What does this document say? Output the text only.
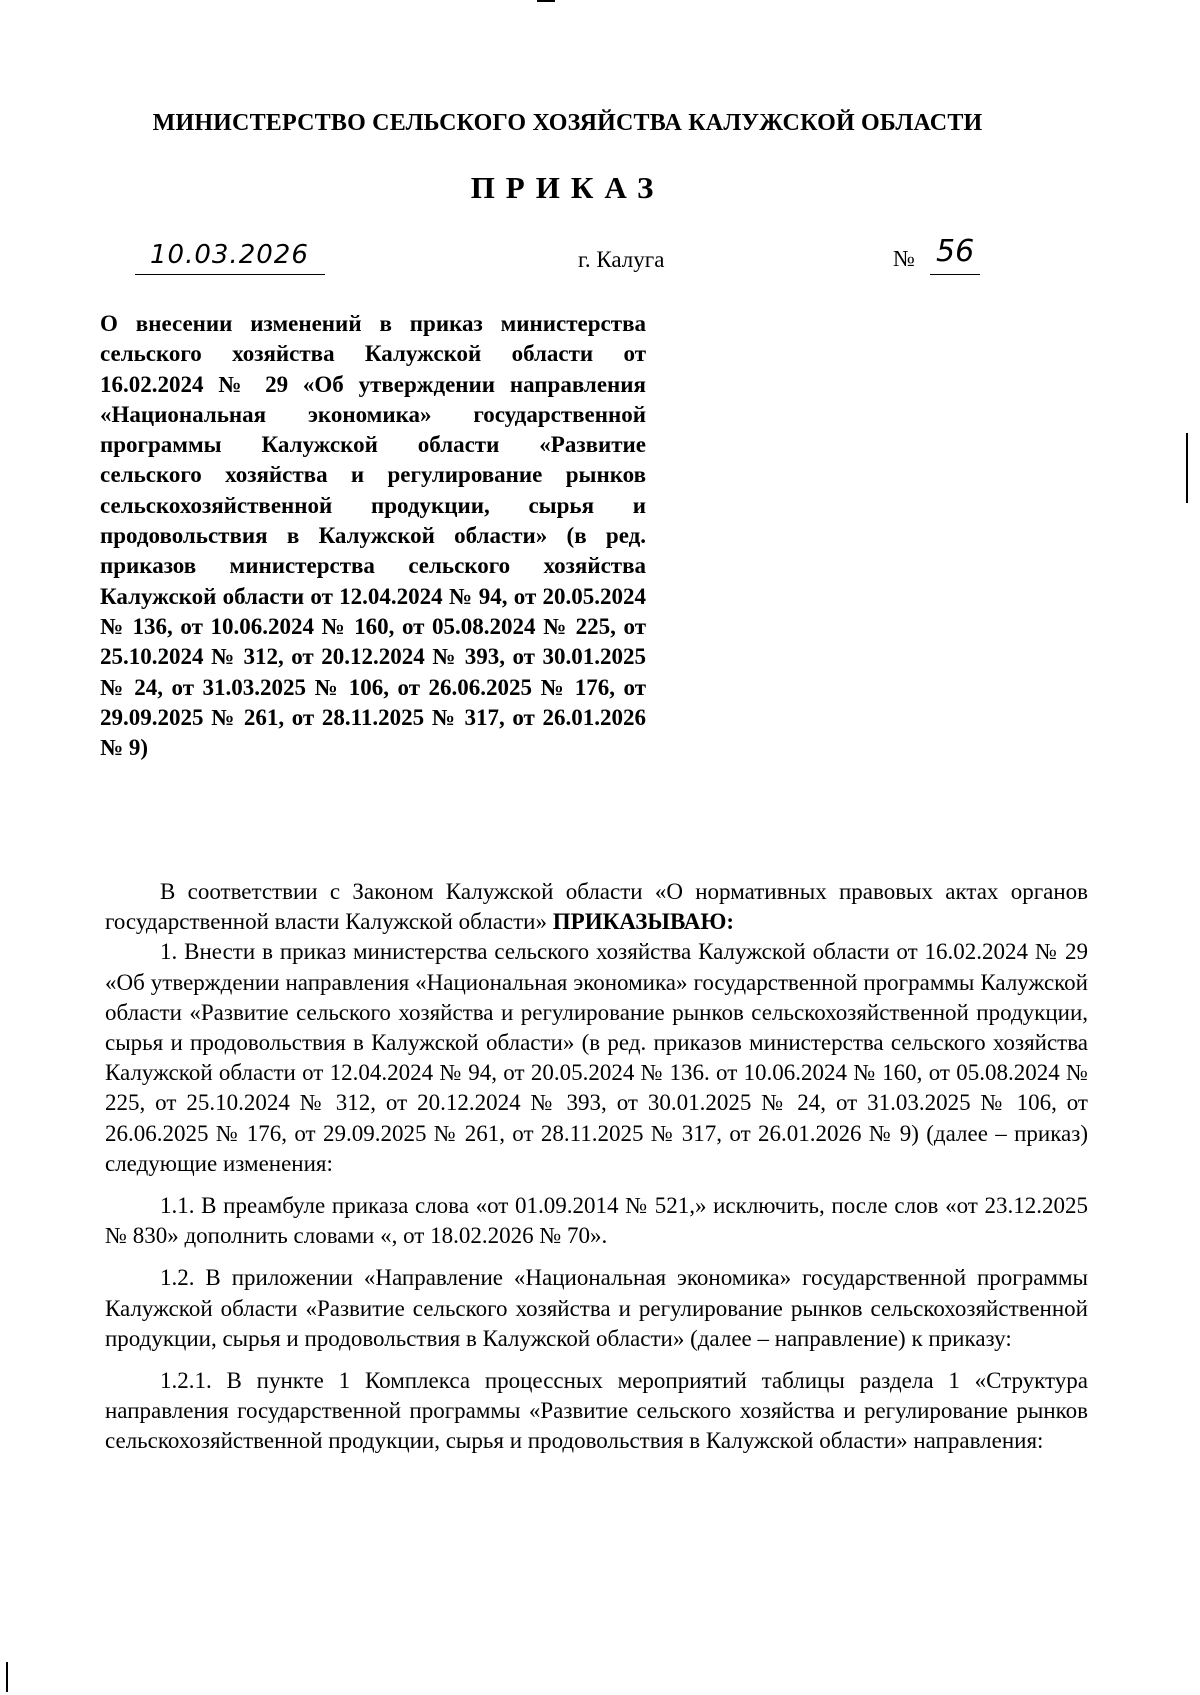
МИНИСТЕРСТВО СЕЛЬСКОГО ХОЗЯЙСТВА КАЛУЖСКОЙ ОБЛАСТИ
ПРИКАЗ
10.03.2026	г. Калуга	№ 56
О внесении изменений в приказ министерства сельского хозяйства Калужской области от 16.02.2024 № 29 «Об утверждении направления «Национальная экономика» государственной программы Калужской области «Развитие сельского хозяйства и регулирование рынков сельскохозяйственной продукции, сырья и продовольствия в Калужской области» (в ред. приказов министерства сельского хозяйства Калужской области от 12.04.2024 № 94, от 20.05.2024 № 136, от 10.06.2024 № 160, от 05.08.2024 № 225, от 25.10.2024 № 312, от 20.12.2024 № 393, от 30.01.2025 № 24, от 31.03.2025 № 106, от 26.06.2025 № 176, от 29.09.2025 № 261, от 28.11.2025 № 317, от 26.01.2026 № 9)

В соответствии с Законом Калужской области «О нормативных правовых актах органов государственной власти Калужской области» ПРИКАЗЫВАЮ:

1. Внести в приказ министерства сельского хозяйства Калужской области от 16.02.2024 № 29 «Об утверждении направления «Национальная экономика» государственной программы Калужской области «Развитие сельского хозяйства и регулирование рынков сельскохозяйственной продукции, сырья и продовольствия в Калужской области» (в ред. приказов министерства сельского хозяйства Калужской области от 12.04.2024 № 94, от 20.05.2024 № 136. от 10.06.2024 № 160, от 05.08.2024 № 225, от 25.10.2024 № 312, от 20.12.2024 № 393, от 30.01.2025 № 24, от 31.03.2025 № 106, от 26.06.2025 № 176, от 29.09.2025 № 261, от 28.11.2025 № 317, от 26.01.2026 № 9) (далее – приказ) следующие изменения:

1.1. В преамбуле приказа слова «от 01.09.2014 № 521,» исключить, после слов «от 23.12.2025 № 830» дополнить словами «, от 18.02.2026 № 70».

1.2. В приложении «Направление «Национальная экономика» государственной программы Калужской области «Развитие сельского хозяйства и регулирование рынков сельскохозяйственной продукции, сырья и продовольствия в Калужской области» (далее – направление) к приказу:

1.2.1. В пункте 1 Комплекса процессных мероприятий таблицы раздела 1 «Структура направления государственной программы «Развитие сельского хозяйства и регулирование рынков сельскохозяйственной продукции, сырья и продовольствия в Калужской области» направления:
